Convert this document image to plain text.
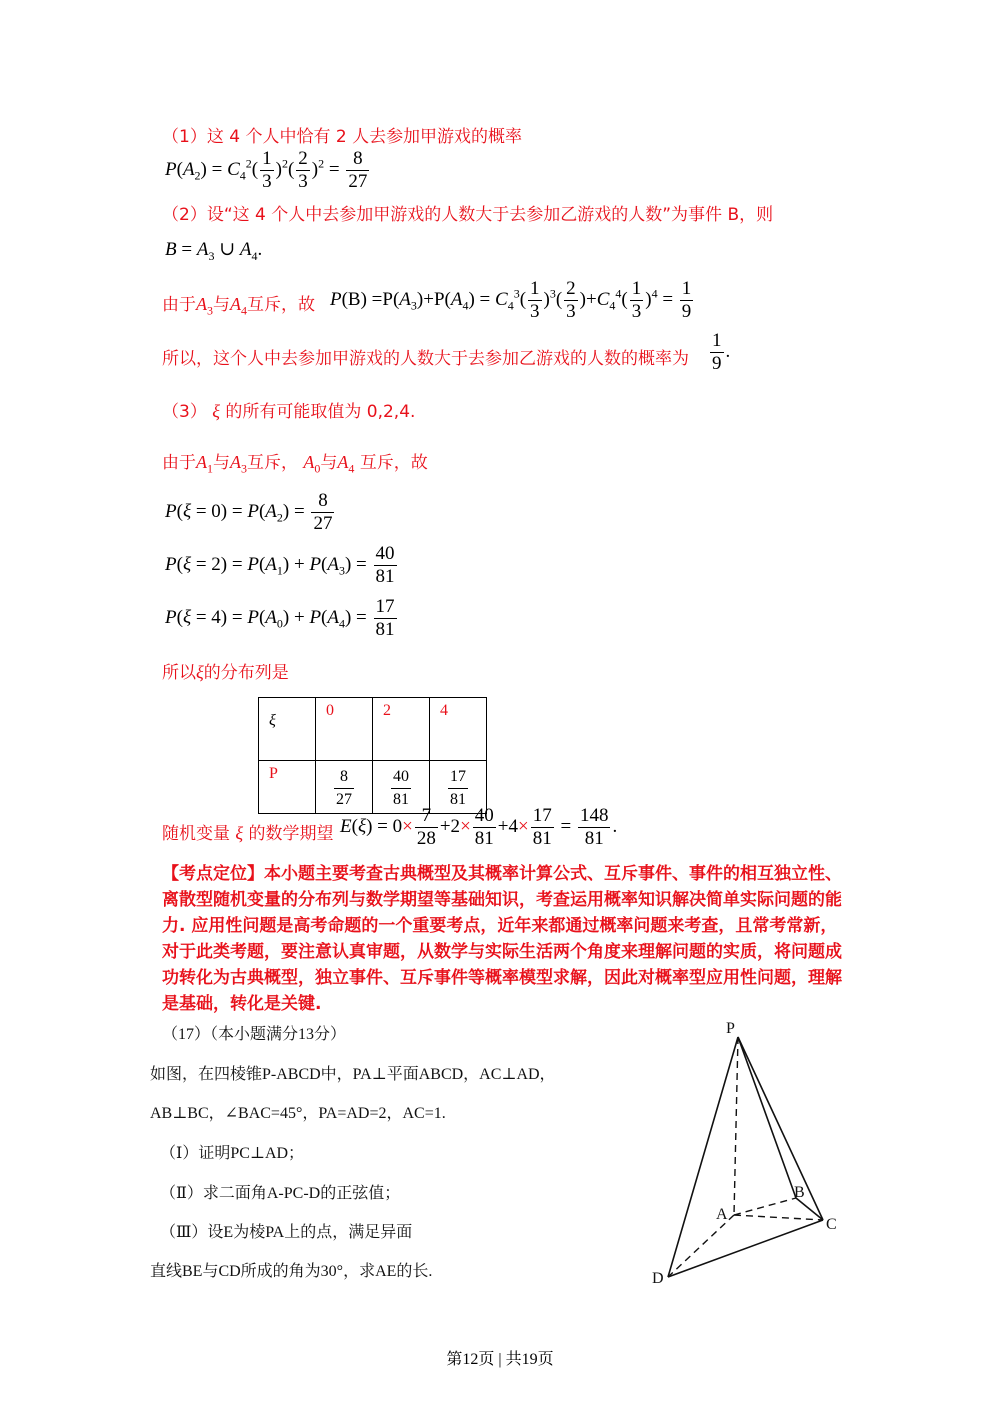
（1）这 4 个人中恰有 2 人去参加甲游戏的概率
$P(A_2) = C_4^2( \frac{1}{3} )^2( \frac{2}{3} )^2 = \frac{8}{27}$
（2）设“这 4 个人中去参加甲游戏的人数大于去参加乙游戏的人数”为事件 B，则
$B = A_3$ ∪ $A_4$.
由于$A_3$与$A_4$互斥，故 $P(B) =P(A_3)+P(A_4) = C_4^3( \frac{1}{3} )^3( \frac{2}{3} )+C_4^4( \frac{1}{3} )^4 = \frac{1}{9}$
所以，这个人中去参加甲游戏的人数大于去参加乙游戏的人数的概率为 $\frac{1}{9}$ .
（3） ξ 的所有可能取值为 0,2,4.
由于$A_1$与$A_3$互斥， $A_0$与$A_4$ 互斥，故
$P(\xi = 0) = P(A_2) = \frac{8}{27}$
$P(\xi = 2) = P(A_1) + P(A_3) = \frac{40}{81}$
$P(\xi = 4) = P(A_0) + P(A_4) = \frac{17}{81}$
所以ξ的分布列是
ξ	0	2	4
P	$\frac{8}{27}$	$\frac{40}{81}$	$\frac{17}{81}$
随机变量 ξ 的数学期望 $E(\xi) = 0\times \frac{7}{28} +2\times \frac{40}{81} +4\times \frac{17}{81} = \frac{148}{81}$ .
【考点定位】本小题主要考查古典概型及其概率计算公式、互斥事件、事件的相互独立性、
离散型随机变量的分布列与数学期望等基础知识，考查运用概率知识解决简单实际问题的能
力. 应用性问题是高考命题的一个重要考点，近年来都通过概率问题来考查，且常考常新，
对于此类考题，要注意认真审题，从数学与实际生活两个角度来理解问题的实质，将问题成
功转化为古典概型，独立事件、互斥事件等概率模型求解，因此对概率型应用性问题，理解
是基础，转化是关键.
（17）（本小题满分13分）
如图，在四棱锥P-ABCD中，PA⊥平面ABCD，AC⊥AD，
AB⊥BC，∠BAC=45°，PA=AD=2，AC=1.
（Ⅰ）证明PC⊥AD；
（Ⅱ）求二面角A-PC-D的正弦值；
（Ⅲ）设E为棱PA上的点，满足异面
直线BE与CD所成的角为30°，求AE的长.
P
A
B
C
D
第12页 | 共19页
